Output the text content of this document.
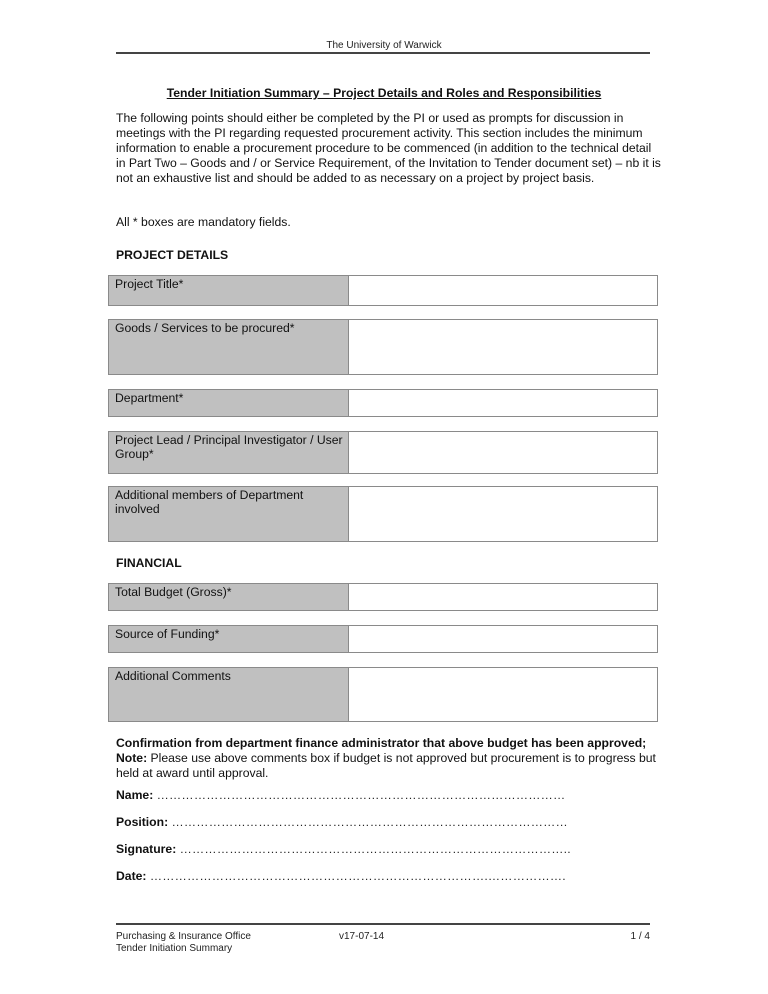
The University of Warwick
Tender Initiation Summary – Project Details and Roles and Responsibilities
The following points should either be completed by the PI or used as prompts for discussion in meetings with the PI regarding requested procurement activity. This section includes the minimum information to enable a procurement procedure to be commenced (in addition to the technical detail in Part Two – Goods and / or Service Requirement, of the Invitation to Tender document set) – nb it is not an exhaustive list and should be added to as necessary on a project by project basis.
All * boxes are mandatory fields.
PROJECT DETAILS
Project Title*
Goods / Services to be procured*
Department*
Project Lead / Principal Investigator / User Group*
Additional members of Department involved
FINANCIAL
Total Budget (Gross)*
Source of Funding*
Additional Comments
Confirmation from department finance administrator that above budget has been approved; Note: Please use above comments box if budget is not approved but procurement is to progress but held at award until approval.
Name: ………………………………………………………………………………………
Position: ……………………………………………………………………………………
Signature: …………………………………………………………………………………..
Date: ……………………………………………………………………….……………….
Purchasing & Insurance Office
Tender Initiation Summary
v17-07-14	1 / 4
